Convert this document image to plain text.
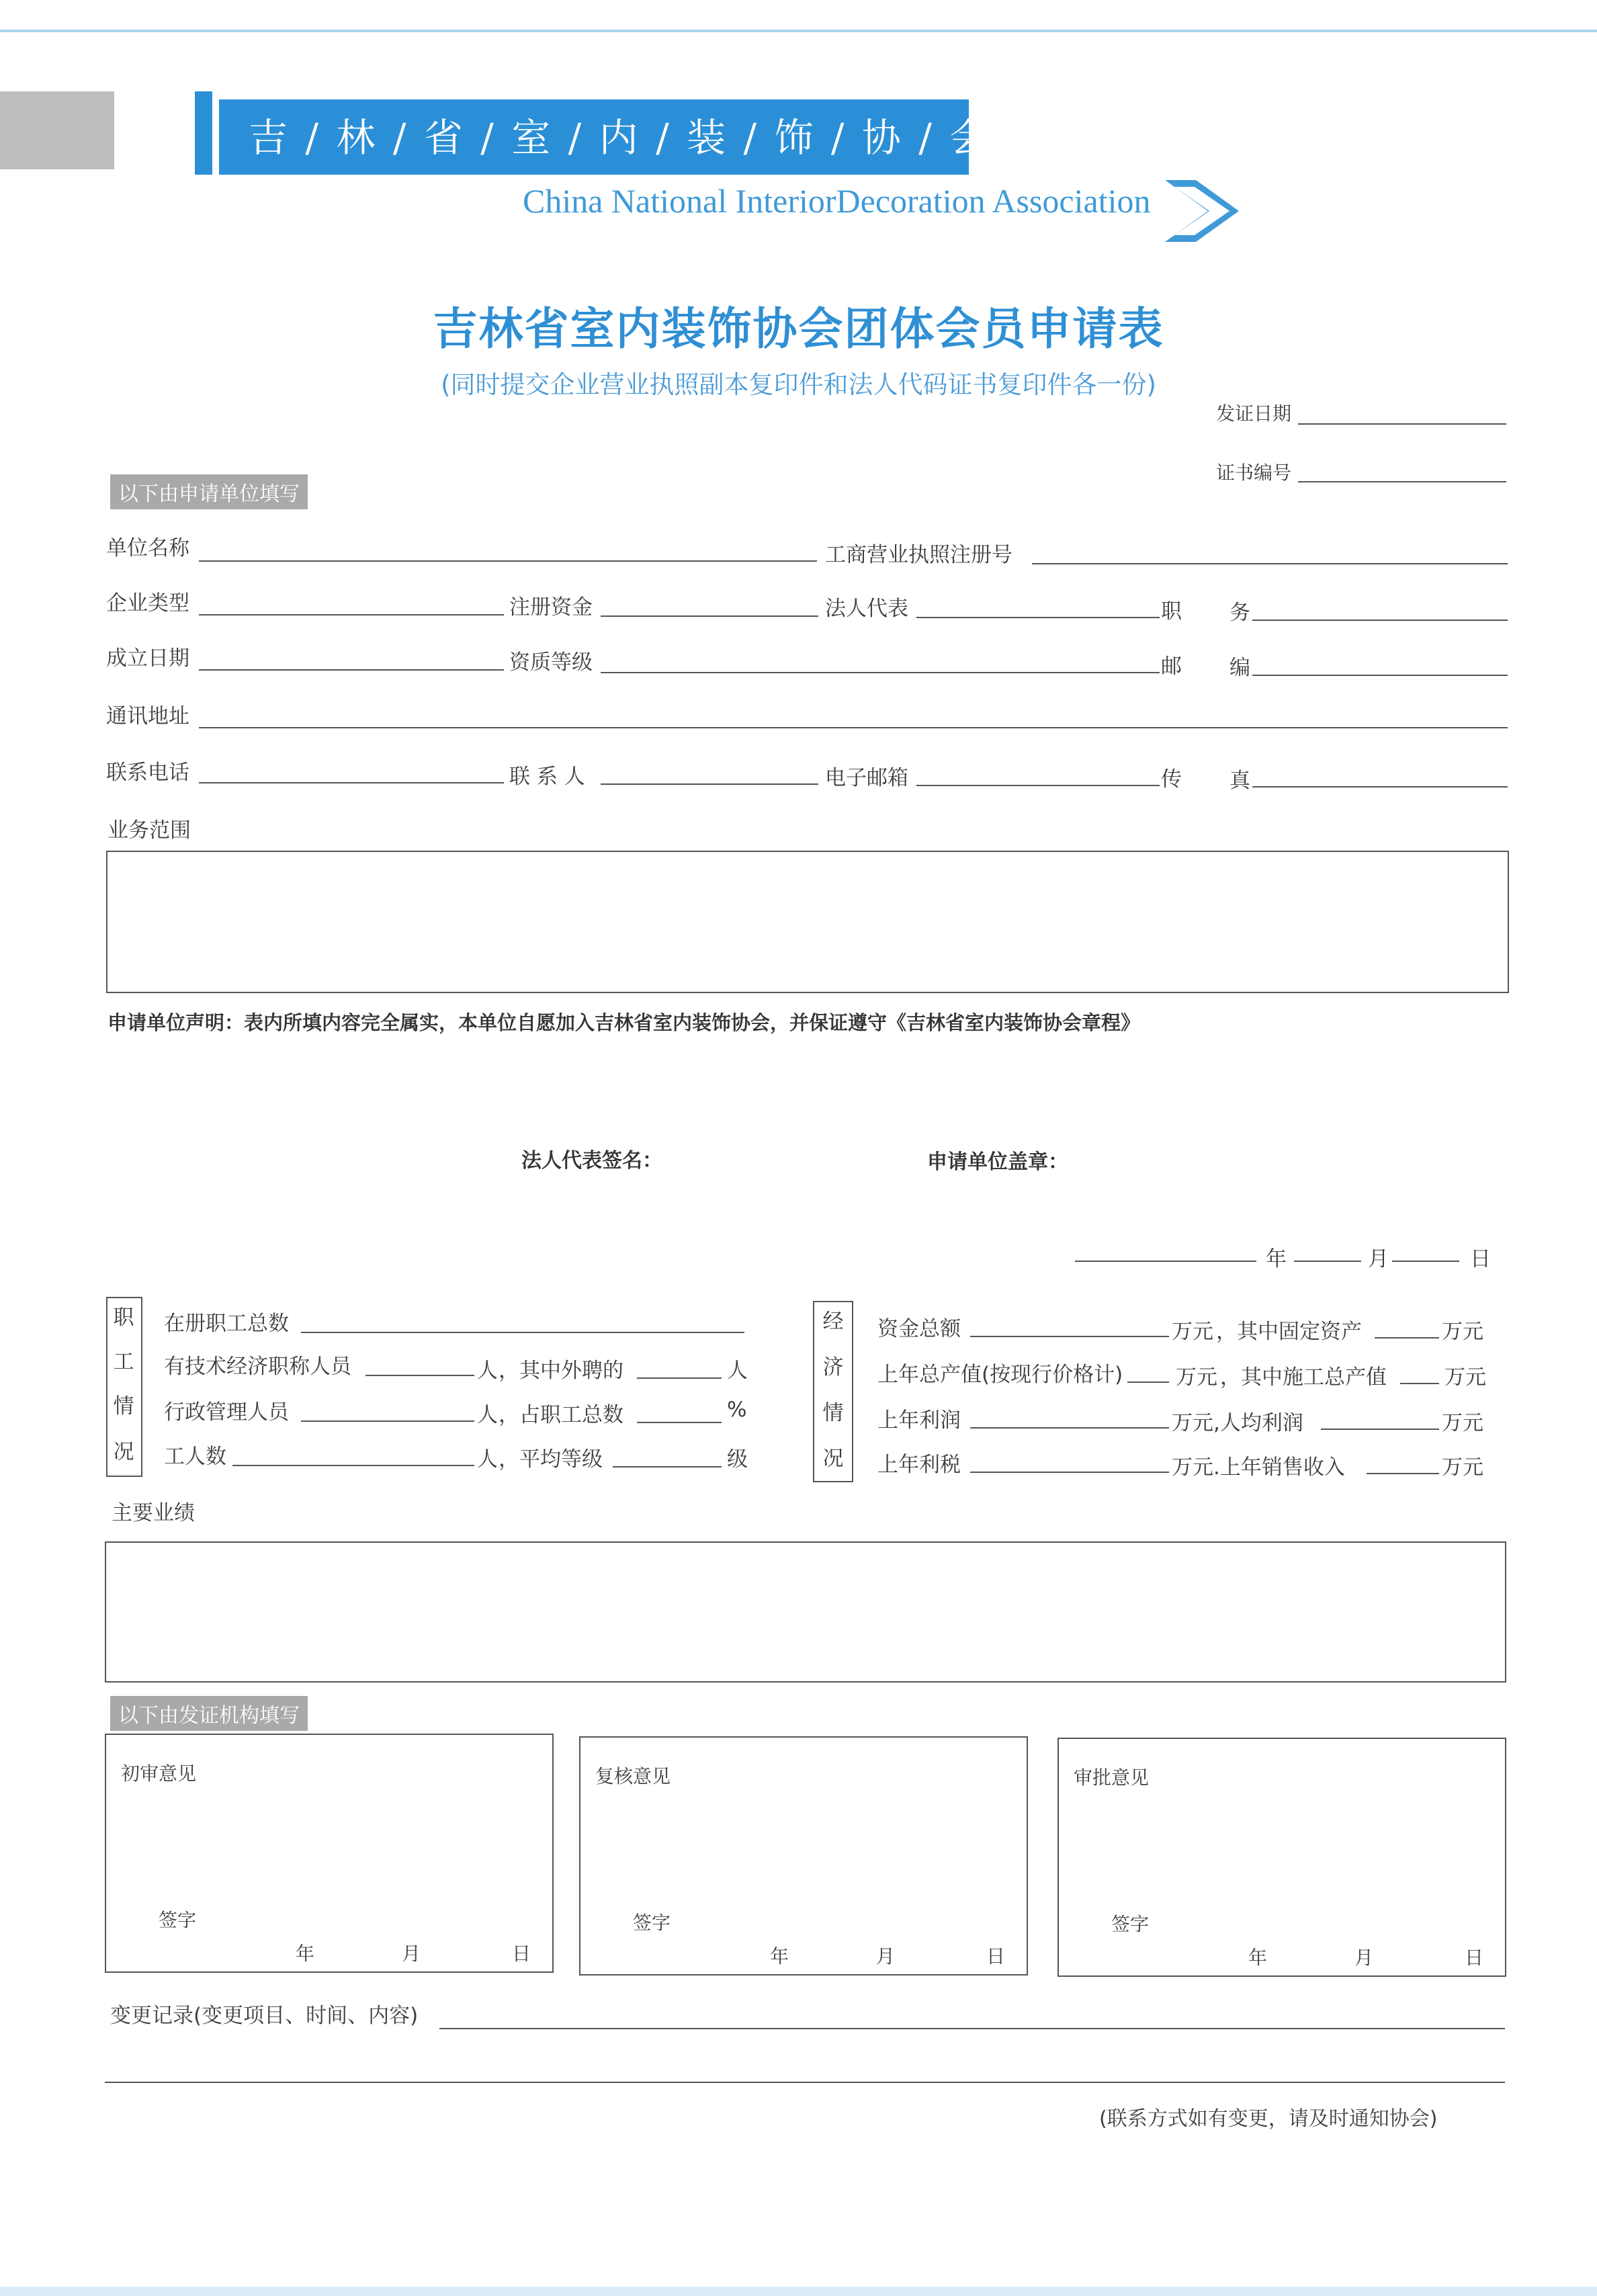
吉 / 林 / 省 / 室 / 内 / 装 / 饰 / 协 / 会
China National InteriorDecoration Association
吉林省室内装饰协会团体会员申请表
(同时提交企业营业执照副本复印件和法人代码证书复印件各一份)
发证日期
证书编号
以下由申请单位填写
单位名称	工商营业执照注册号
企业类型	注册资金	法人代表	职 务
成立日期	资质等级	邮 编
通讯地址
联系电话	联 系 人	电子邮箱	传 真
业务范围
申请单位声明：表内所填内容完全属实，本单位自愿加入吉林省室内装饰协会，并保证遵守《吉林省室内装饰协会章程》
法人代表签名：	申请单位盖章：
年	月	日
职
工
情
况
在册职工总数
有技术经济职称人员	人 ，其中外聘的	人
行政管理人员	人 ，占职工总数	%
工人数	人 ，平均等级	级
经
济
情
况
资金总额	万元 ，其中固定资产	万元
上年总产值(按现行价格计)	万元 ，其中施工总产值	万元
上年利润	万元 ,人均利润	万元
上年利税	万元 .上年销售收入	万元
主要业绩
以下由发证机构填写
初审意见
签字
年	月	日
复核意见
签字
年	月	日
审批意见
签字
年	月	日
变更记录(变更项目、时间、内容)
(联系方式如有变更，请及时通知协会)
